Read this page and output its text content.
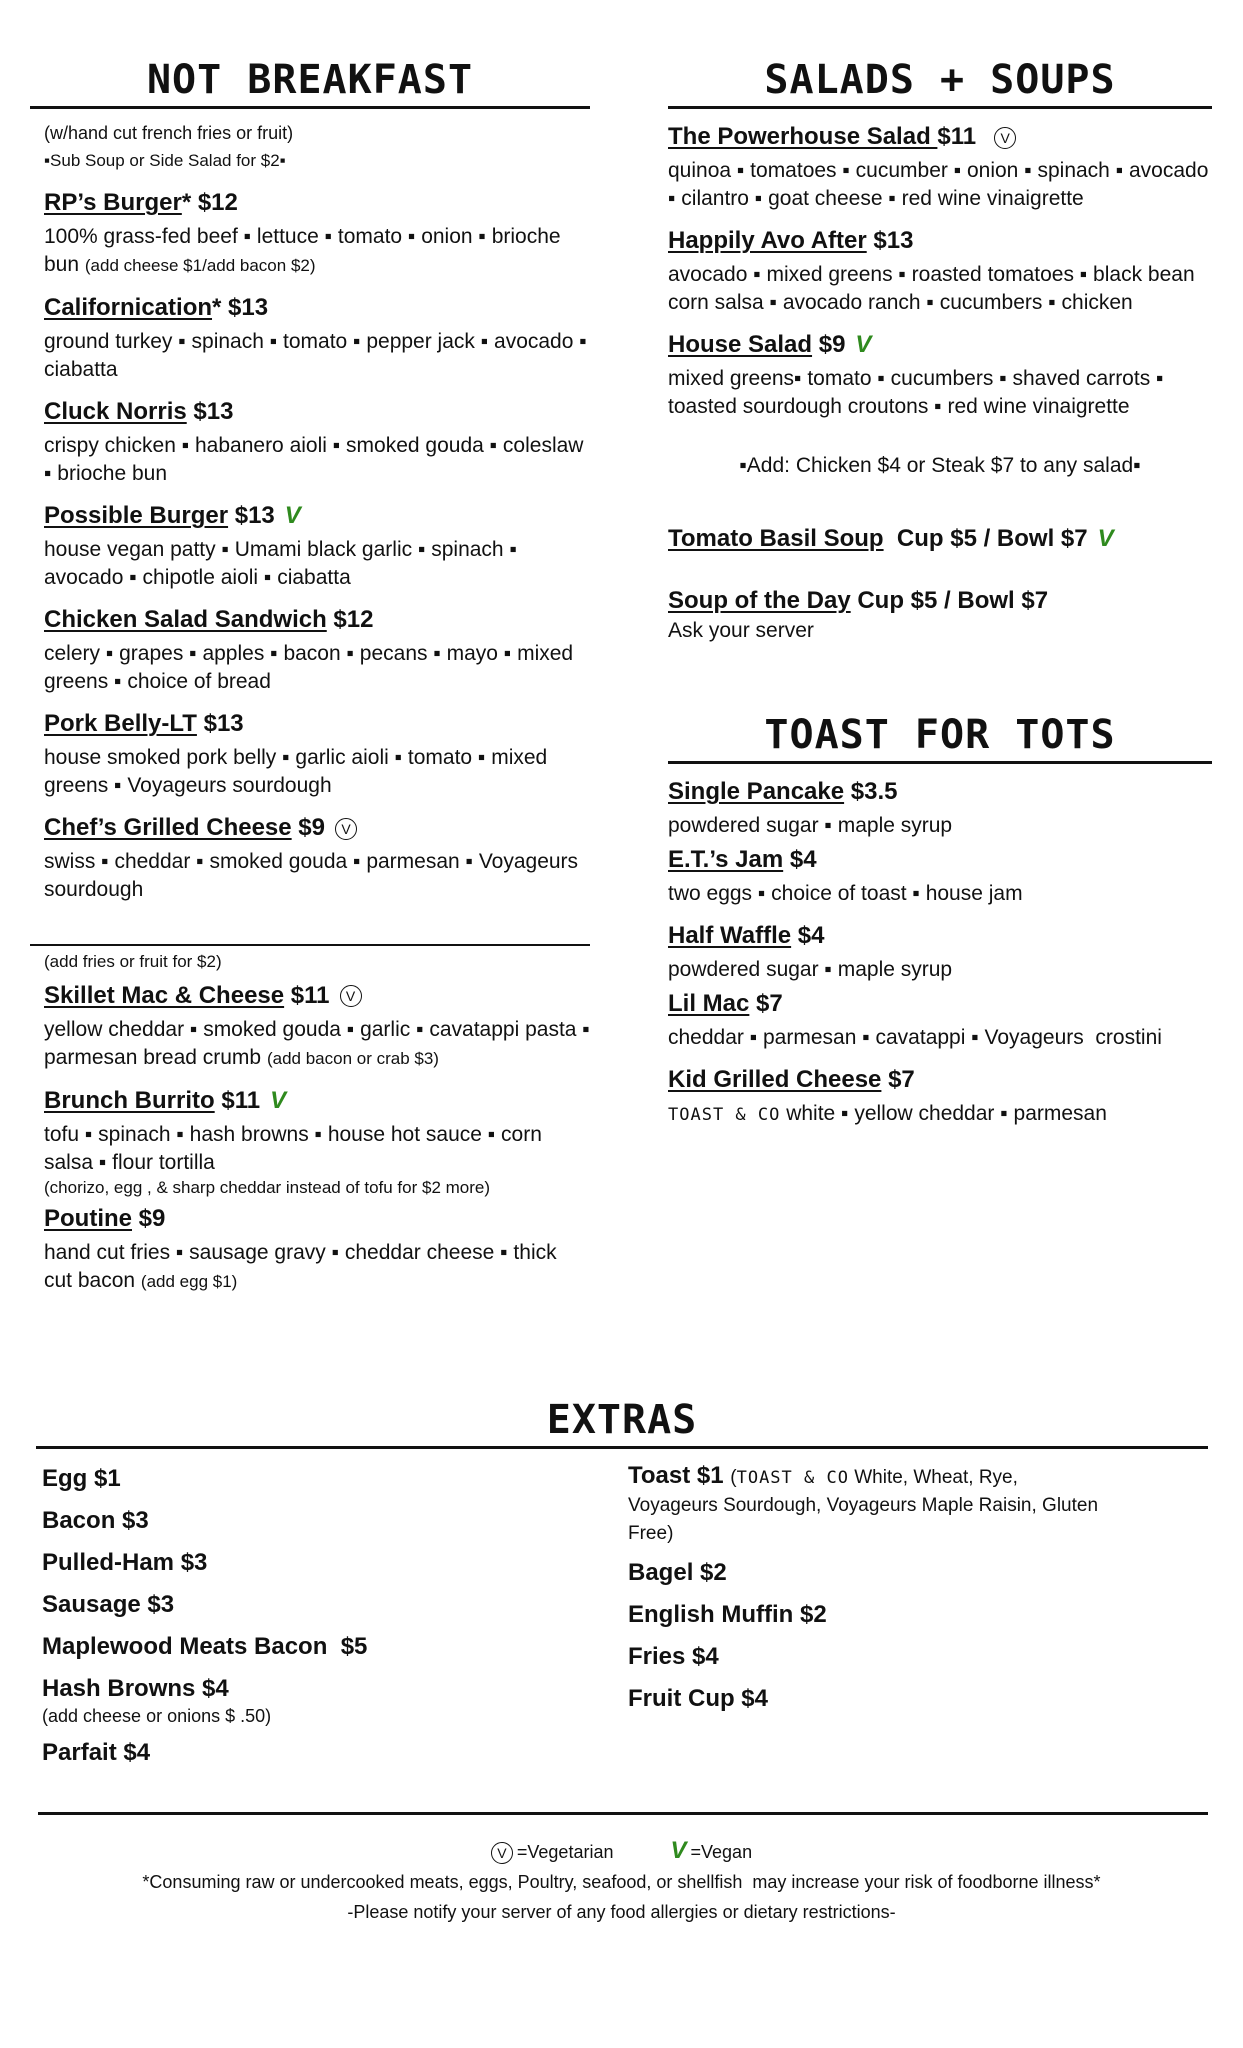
NOT BREAKFAST
(w/hand cut french fries or fruit)
▪Sub Soup or Side Salad for $2▪
RP’s Burger* $12
100% grass-fed beef ▪ lettuce ▪ tomato ▪ onion ▪ brioche bun (add cheese $1/add bacon $2)
Californication* $13
ground turkey ▪ spinach ▪ tomato ▪ pepper jack ▪ avocado ▪ ciabatta
Cluck Norris $13
crispy chicken ▪ habanero aioli ▪ smoked gouda ▪ coleslaw ▪ brioche bun
Possible Burger $13 V
house vegan patty ▪ Umami black garlic ▪ spinach ▪ avocado ▪ chipotle aioli ▪ ciabatta
Chicken Salad Sandwich $12
celery ▪ grapes ▪ apples ▪ bacon ▪ pecans ▪ mayo ▪ mixed greens ▪ choice of bread
Pork Belly-LT $13
house smoked pork belly ▪ garlic aioli ▪ tomato ▪ mixed greens ▪ Voyageurs sourdough
Chef’s Grilled Cheese $9 V
swiss ▪ cheddar ▪ smoked gouda ▪ parmesan ▪ Voyageurs sourdough
(add fries or fruit for $2)
Skillet Mac & Cheese $11 V
yellow cheddar ▪ smoked gouda ▪ garlic ▪ cavatappi pasta ▪ parmesan bread crumb (add bacon or crab $3)
Brunch Burrito $11 V
tofu ▪ spinach ▪ hash browns ▪ house hot sauce ▪ corn salsa ▪ flour tortilla
(chorizo, egg , & sharp cheddar instead of tofu for $2 more)
Poutine $9
hand cut fries ▪ sausage gravy ▪ cheddar cheese ▪ thick cut bacon (add egg $1)
SALADS + SOUPS
The Powerhouse Salad $11 V
quinoa ▪ tomatoes ▪ cucumber ▪ onion ▪ spinach ▪ avocado ▪ cilantro ▪ goat cheese ▪ red wine vinaigrette
Happily Avo After $13
avocado ▪ mixed greens ▪ roasted tomatoes ▪ black bean corn salsa ▪ avocado ranch ▪ cucumbers ▪ chicken
House Salad $9 V
mixed greens▪ tomato ▪ cucumbers ▪ shaved carrots ▪ toasted sourdough croutons ▪ red wine vinaigrette
▪Add: Chicken $4 or Steak $7 to any salad▪
Tomato Basil Soup  Cup $5 / Bowl $7 V
Soup of the Day Cup $5 / Bowl $7
Ask your server
TOAST FOR TOTS
Single Pancake $3.5
powdered sugar ▪ maple syrup
E.T.’s Jam $4
two eggs ▪ choice of toast ▪ house jam
Half Waffle $4
powdered sugar ▪ maple syrup
Lil Mac $7
cheddar ▪ parmesan ▪ cavatappi ▪ Voyageurs  crostini
Kid Grilled Cheese $7
TOAST & CO white ▪ yellow cheddar ▪ parmesan
EXTRAS
Egg $1
Bacon $3
Pulled-Ham $3
Sausage $3
Maplewood Meats Bacon  $5
Hash Browns $4
(add cheese or onions $ .50)
Parfait $4
Toast $1 (TOAST & CO White, Wheat, Rye, Voyageurs Sourdough, Voyageurs Maple Raisin, Gluten Free)
Bagel $2
English Muffin $2
Fries $4
Fruit Cup $4
V =Vegetarian V =Vegan
*Consuming raw or undercooked meats, eggs, Poultry, seafood, or shellfish  may increase your risk of foodborne illness*
-Please notify your server of any food allergies or dietary restrictions-
